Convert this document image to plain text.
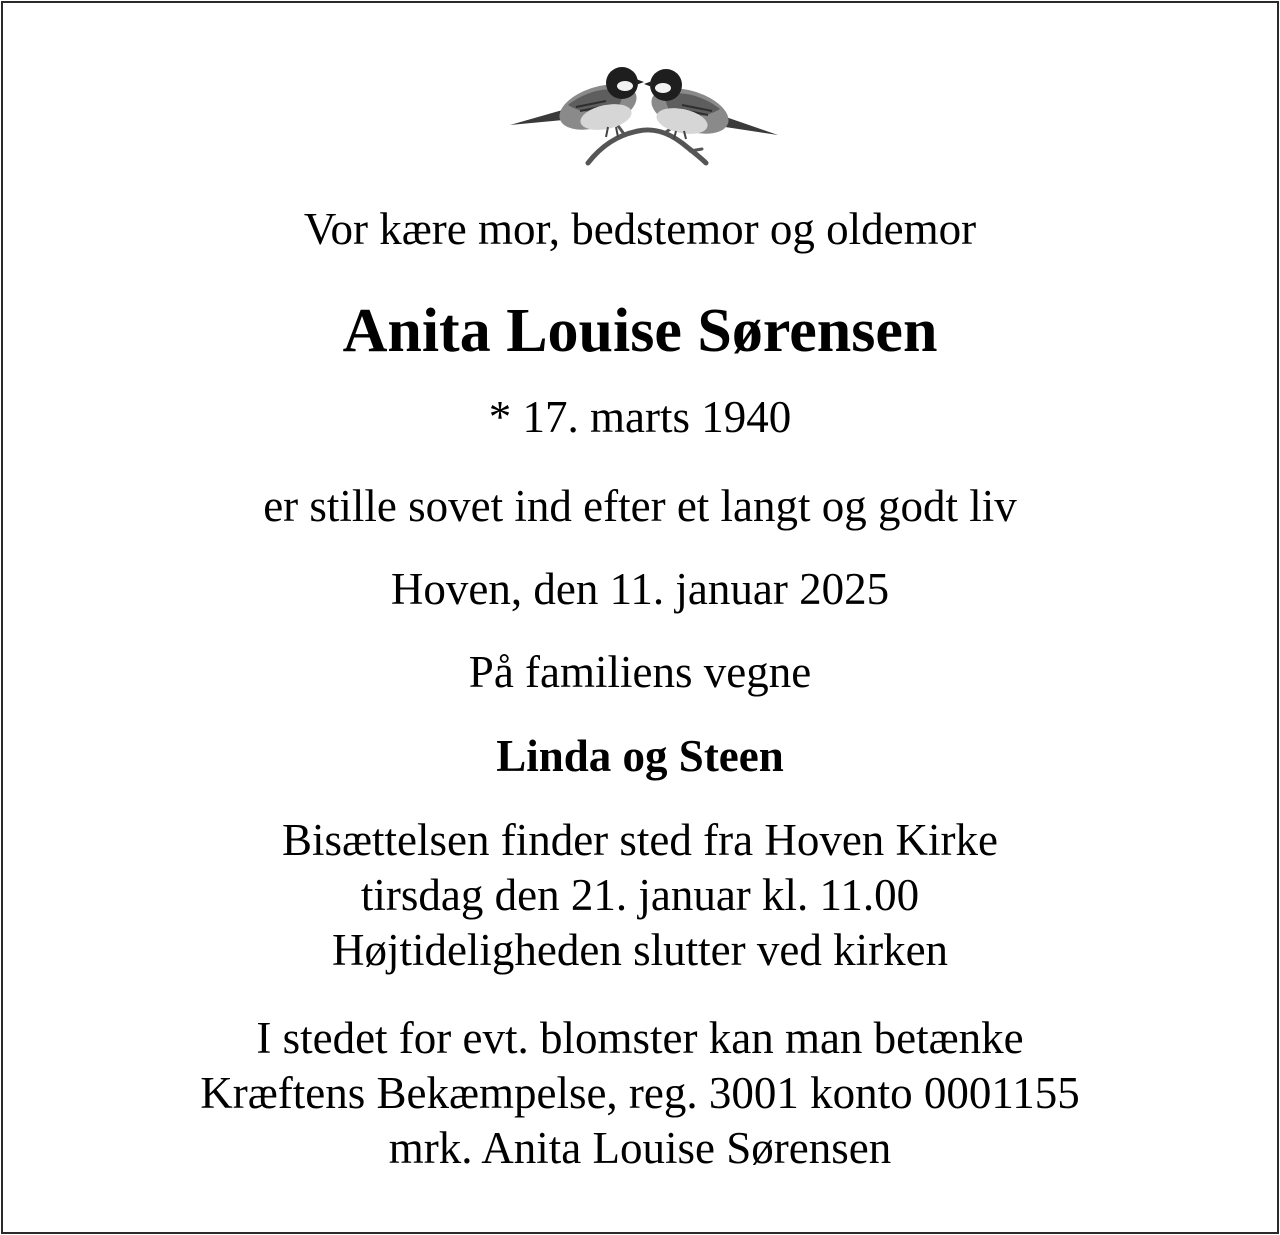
Vor kære mor, bedstemor og oldemor
Anita Louise Sørensen
* 17. marts 1940
er stille sovet ind efter et langt og godt liv
Hoven, den 11. januar 2025
På familiens vegne
Linda og Steen
Bisættelsen finder sted fra Hoven Kirke
tirsdag den 21. januar kl. 11.00
Højtideligheden slutter ved kirken
I stedet for evt. blomster kan man betænke
Kræftens Bekæmpelse, reg. 3001 konto 0001155
mrk. Anita Louise Sørensen
